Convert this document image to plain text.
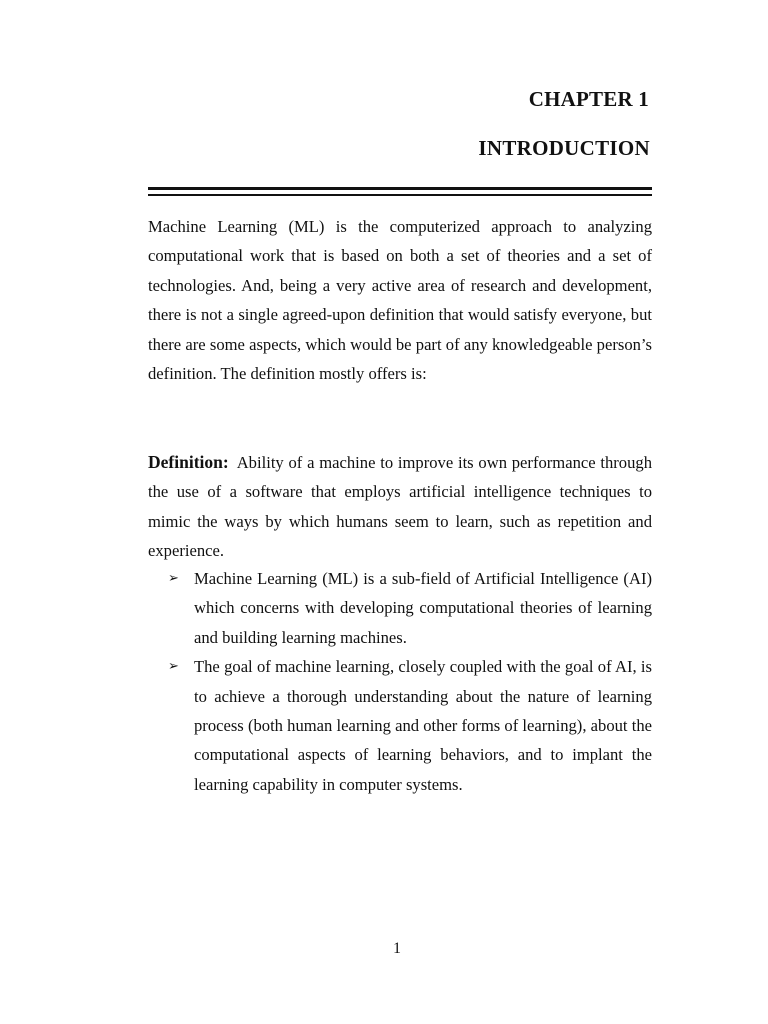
CHAPTER 1
INTRODUCTION

Machine Learning (ML) is the computerized approach to analyzing computational work that is based on both a set of theories and a set of technologies. And, being a very active area of research and development, there is not a single agreed-upon definition that would satisfy everyone, but there are some aspects, which would be part of any knowledgeable person’s definition. The definition mostly offers is:

Definition: Ability of a machine to improve its own performance through the use of a software that employs artificial intelligence techniques to mimic the ways by which humans seem to learn, such as repetition and experience.

➢ Machine Learning (ML) is a sub-field of Artificial Intelligence (AI) which concerns with developing computational theories of learning and building learning machines.
➢ The goal of machine learning, closely coupled with the goal of AI, is to achieve a thorough understanding about the nature of learning process (both human learning and other forms of learning), about the computational aspects of learning behaviors, and to implant the learning capability in computer systems.
1
